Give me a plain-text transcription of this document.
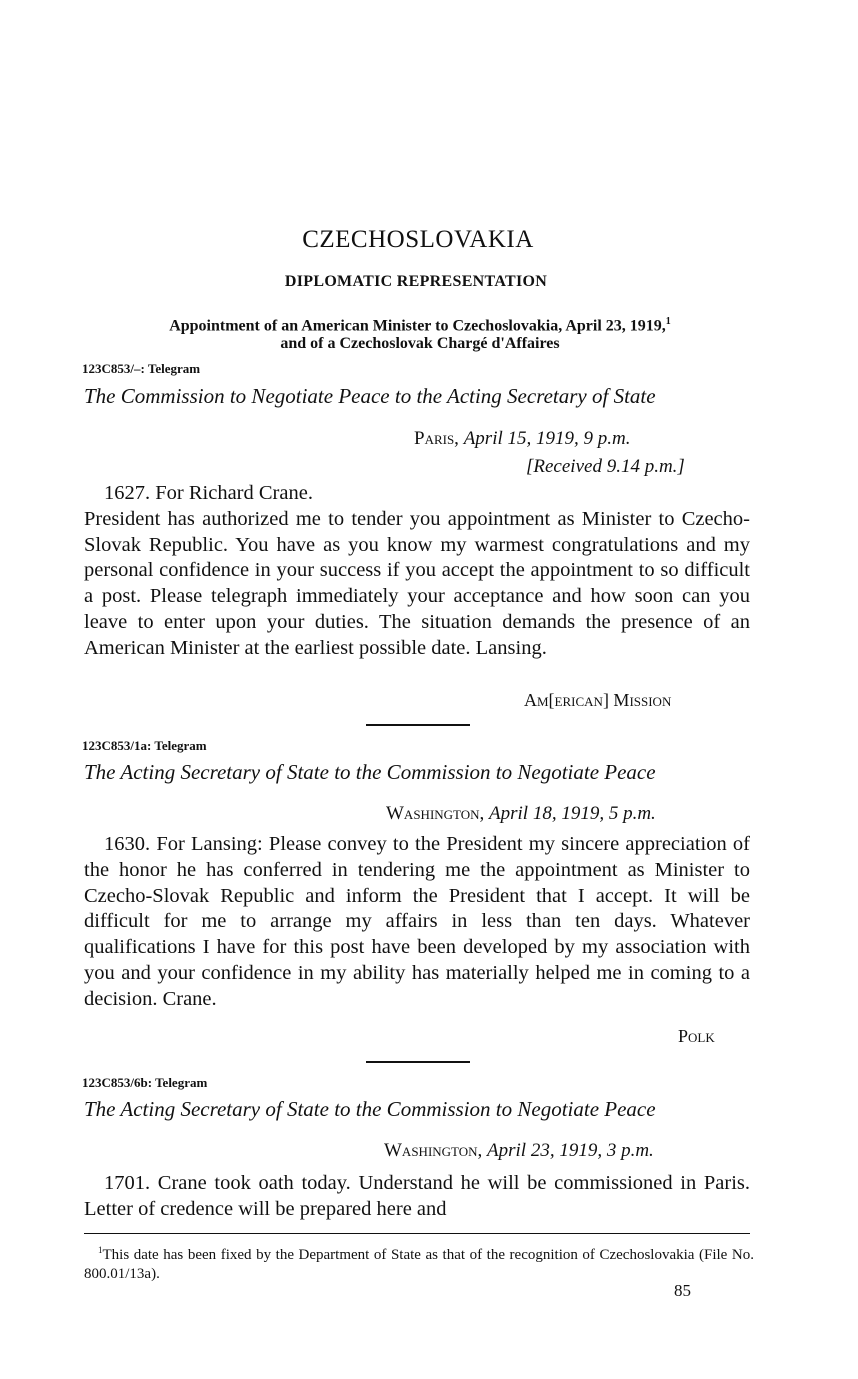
CZECHOSLOVAKIA
DIPLOMATIC REPRESENTATION
Appointment of an American Minister to Czechoslovakia, April 23, 1919,$^1$
and of a Czechoslovak Chargé d'Affaires
123C853/–: Telegram
The Commission to Negotiate Peace to the Acting Secretary of State
Paris, April 15, 1919, 9 p.m.
[Received 9.14 p.m.]

1627. For Richard Crane.

President has authorized me to tender you appointment as Minister to Czecho-Slovak Republic. You have as you know my warmest congratulations and my personal confidence in your success if you accept the appointment to so difficult a post. Please telegraph immediately your acceptance and how soon can you leave to enter upon your duties. The situation demands the presence of an American Minister at the earliest possible date. Lansing.

Am[erican] Mission
123C853/1a: Telegram
The Acting Secretary of State to the Commission to Negotiate Peace
Washington, April 18, 1919, 5 p.m.

1630. For Lansing: Please convey to the President my sincere appreciation of the honor he has conferred in tendering me the appointment as Minister to Czecho-Slovak Republic and inform the President that I accept. It will be difficult for me to arrange my affairs in less than ten days. Whatever qualifications I have for this post have been developed by my association with you and your confidence in my ability has materially helped me in coming to a decision. Crane.

Polk
123C853/6b: Telegram
The Acting Secretary of State to the Commission to Negotiate Peace
Washington, April 23, 1919, 3 p.m.

1701. Crane took oath today. Understand he will be commissioned in Paris. Letter of credence will be prepared here and

$^1$This date has been fixed by the Department of State as that of the recognition of Czechoslovakia (File No. 800.01/13a).
85
